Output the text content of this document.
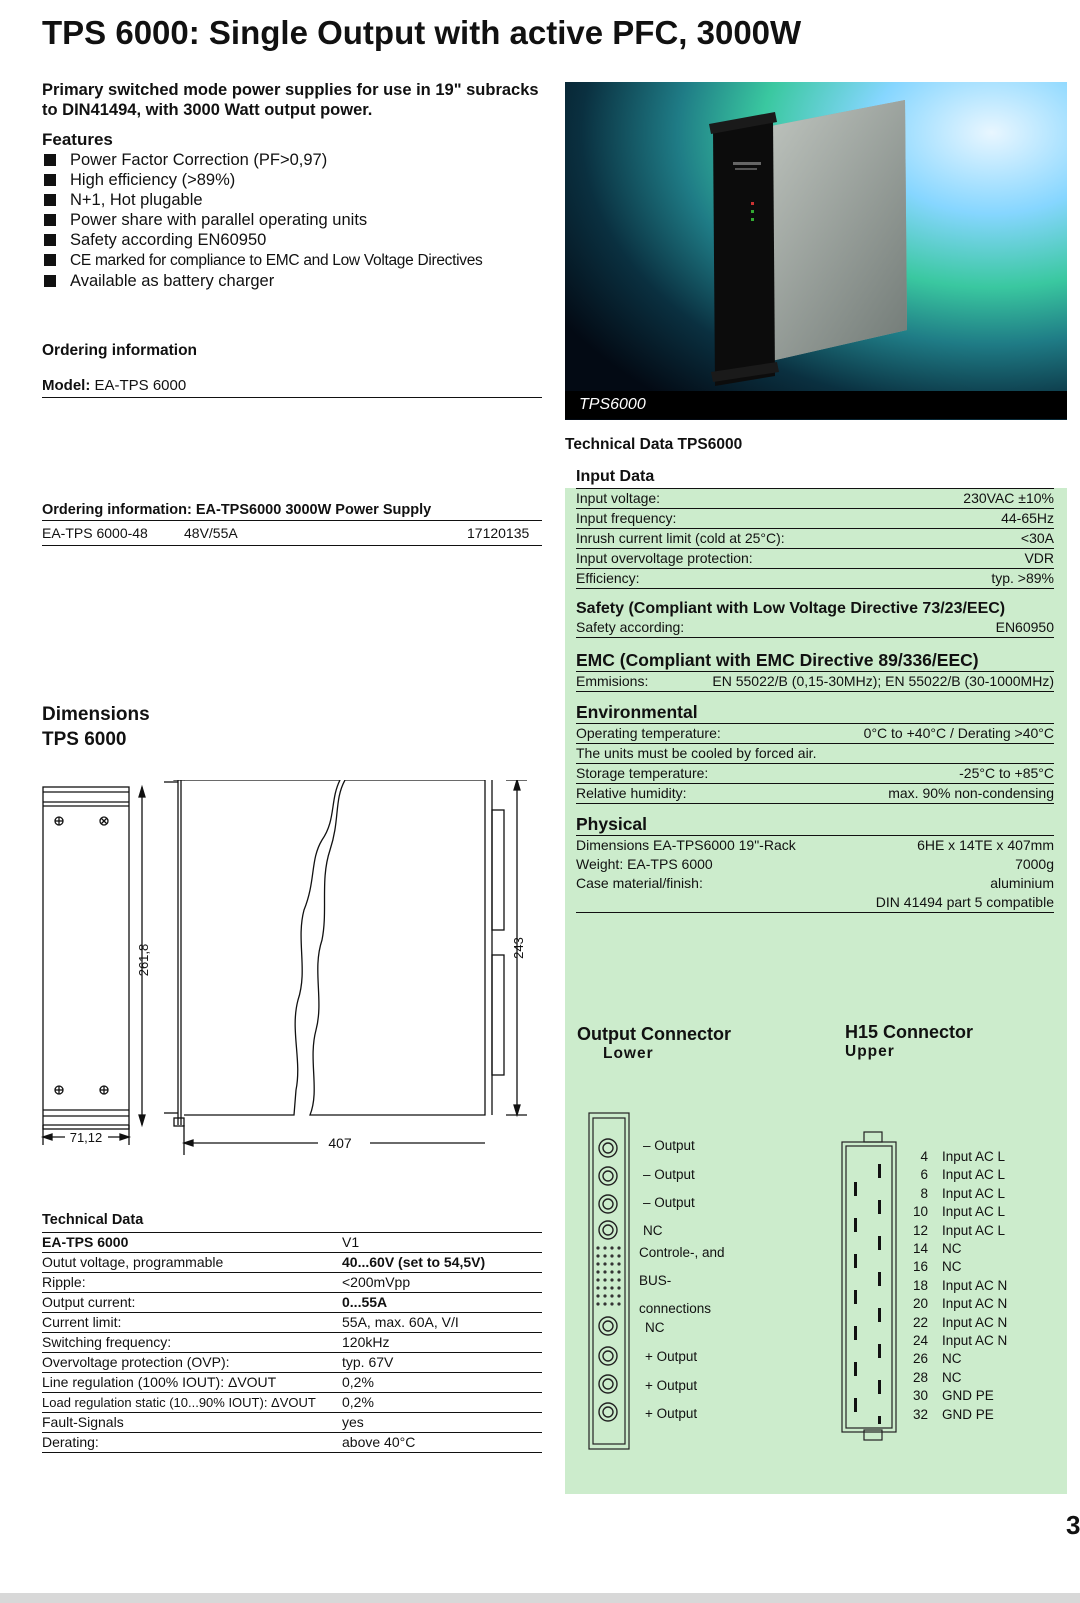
TPS 6000: Single Output with active PFC, 3000W
Primary switched mode power supplies for use in 19" subracks to DIN41494, with 3000 Watt output power.
Features
Power Factor Correction (PF>0,97)
High efficiency (>89%)
N+1, Hot plugable
Power share with parallel operating units
Safety according EN60950
CE marked for compliance to EMC and Low Voltage Directives
Available as battery charger
Ordering information
Model: EA-TPS 6000
Ordering information: EA-TPS6000 3000W Power Supply
EA-TPS 6000-48	48V/55A	17120135
Dimensions
TPS 6000
261,8	243
71,12	407
TPS6000
Technical Data TPS6000
Input Data
Input voltage:	230VAC ±10%
Input frequency:	44-65Hz
Inrush current limit (cold at 25°C):	<30A
Input overvoltage protection:	VDR
Efficiency:	typ. >89%
Safety (Compliant with Low Voltage Directive 73/23/EEC)
Safety according:	EN60950
EMC (Compliant with EMC Directive 89/336/EEC)
Emmisions:	EN 55022/B (0,15-30MHz); EN 55022/B (30-1000MHz)
Environmental
Operating temperature:	0°C to +40°C / Derating >40°C
The units must be cooled by forced air.
Storage temperature:	-25°C to +85°C
Relative humidity:	max. 90% non-condensing
Physical
Dimensions EA-TPS6000 19"-Rack	6HE x 14TE x 407mm
Weight: EA-TPS 6000	7000g
Case material/finish:	aluminium
DIN 41494 part 5 compatible
Technical Data
EA-TPS 6000	V1
Outut voltage, programmable	40...60V (set to 54,5V)
Ripple:	<200mVpp
Output current:	0...55A
Current limit:	55A, max. 60A, V/I
Switching frequency:	120kHz
Overvoltage protection (OVP):	typ. 67V
Line regulation (100% IOUT): ΔVOUT	0,2%
Load regulation static (10...90% IOUT): ΔVOUT	0,2%
Fault-Signals	yes
Derating:	above 40°C
Output Connector
Lower
– Output
– Output
– Output
NC
Controle-, and
BUS-
connections
NC
+ Output
+ Output
+ Output
H15 Connector
Upper
4 Input AC L
6 Input AC L
8 Input AC L
10 Input AC L
12 Input AC L
14 NC
16 NC
18 Input AC N
20 Input AC N
22 Input AC N
24 Input AC N
26 NC
28 NC
30 GND PE
32 GND PE
3
